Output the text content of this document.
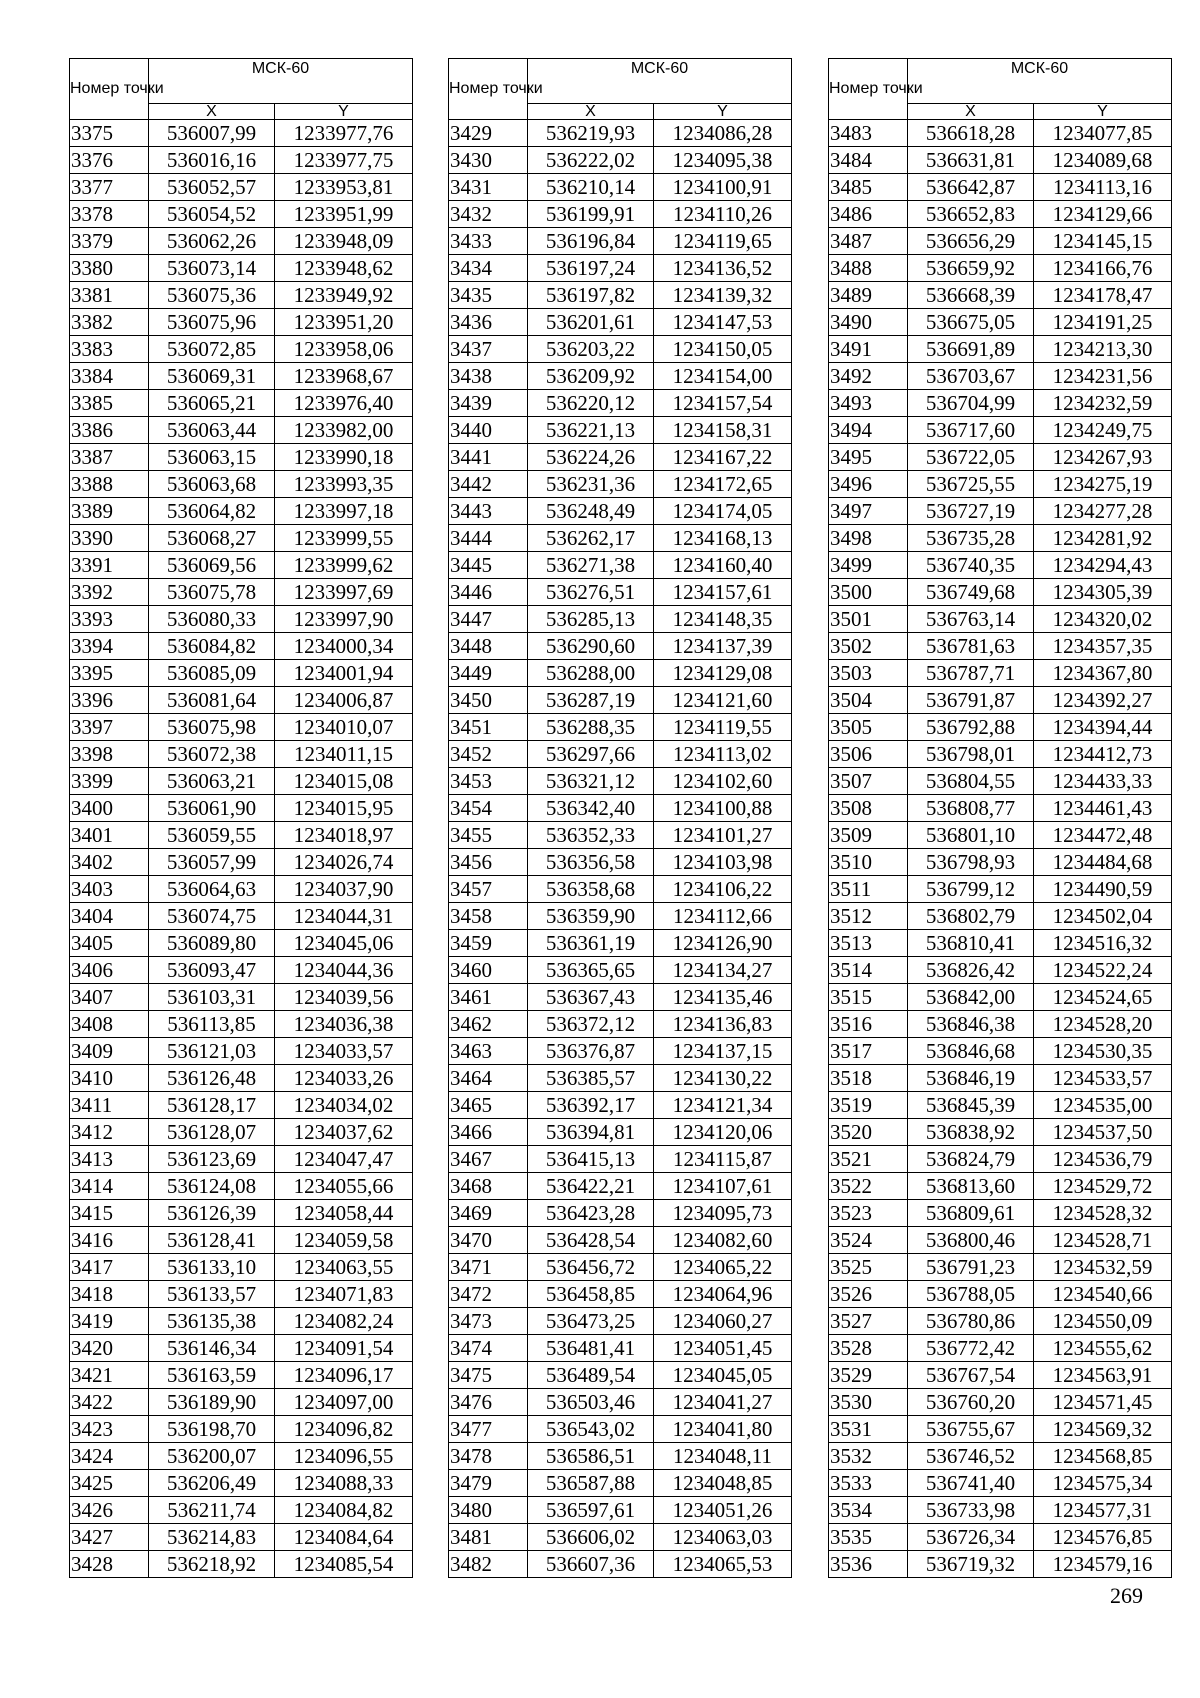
Номер точки	МСК-60	
	X	Y
3375	536007,99	1233977,76
3376	536016,16	1233977,75
3377	536052,57	1233953,81
3378	536054,52	1233951,99
3379	536062,26	1233948,09
3380	536073,14	1233948,62
3381	536075,36	1233949,92
3382	536075,96	1233951,20
3383	536072,85	1233958,06
3384	536069,31	1233968,67
3385	536065,21	1233976,40
3386	536063,44	1233982,00
3387	536063,15	1233990,18
3388	536063,68	1233993,35
3389	536064,82	1233997,18
3390	536068,27	1233999,55
3391	536069,56	1233999,62
3392	536075,78	1233997,69
3393	536080,33	1233997,90
3394	536084,82	1234000,34
3395	536085,09	1234001,94
3396	536081,64	1234006,87
3397	536075,98	1234010,07
3398	536072,38	1234011,15
3399	536063,21	1234015,08
3400	536061,90	1234015,95
3401	536059,55	1234018,97
3402	536057,99	1234026,74
3403	536064,63	1234037,90
3404	536074,75	1234044,31
3405	536089,80	1234045,06
3406	536093,47	1234044,36
3407	536103,31	1234039,56
3408	536113,85	1234036,38
3409	536121,03	1234033,57
3410	536126,48	1234033,26
3411	536128,17	1234034,02
3412	536128,07	1234037,62
3413	536123,69	1234047,47
3414	536124,08	1234055,66
3415	536126,39	1234058,44
3416	536128,41	1234059,58
3417	536133,10	1234063,55
3418	536133,57	1234071,83
3419	536135,38	1234082,24
3420	536146,34	1234091,54
3421	536163,59	1234096,17
3422	536189,90	1234097,00
3423	536198,70	1234096,82
3424	536200,07	1234096,55
3425	536206,49	1234088,33
3426	536211,74	1234084,82
3427	536214,83	1234084,64
3428	536218,92	1234085,54
Номер точки	МСК-60	
	X	Y
3429	536219,93	1234086,28
3430	536222,02	1234095,38
3431	536210,14	1234100,91
3432	536199,91	1234110,26
3433	536196,84	1234119,65
3434	536197,24	1234136,52
3435	536197,82	1234139,32
3436	536201,61	1234147,53
3437	536203,22	1234150,05
3438	536209,92	1234154,00
3439	536220,12	1234157,54
3440	536221,13	1234158,31
3441	536224,26	1234167,22
3442	536231,36	1234172,65
3443	536248,49	1234174,05
3444	536262,17	1234168,13
3445	536271,38	1234160,40
3446	536276,51	1234157,61
3447	536285,13	1234148,35
3448	536290,60	1234137,39
3449	536288,00	1234129,08
3450	536287,19	1234121,60
3451	536288,35	1234119,55
3452	536297,66	1234113,02
3453	536321,12	1234102,60
3454	536342,40	1234100,88
3455	536352,33	1234101,27
3456	536356,58	1234103,98
3457	536358,68	1234106,22
3458	536359,90	1234112,66
3459	536361,19	1234126,90
3460	536365,65	1234134,27
3461	536367,43	1234135,46
3462	536372,12	1234136,83
3463	536376,87	1234137,15
3464	536385,57	1234130,22
3465	536392,17	1234121,34
3466	536394,81	1234120,06
3467	536415,13	1234115,87
3468	536422,21	1234107,61
3469	536423,28	1234095,73
3470	536428,54	1234082,60
3471	536456,72	1234065,22
3472	536458,85	1234064,96
3473	536473,25	1234060,27
3474	536481,41	1234051,45
3475	536489,54	1234045,05
3476	536503,46	1234041,27
3477	536543,02	1234041,80
3478	536586,51	1234048,11
3479	536587,88	1234048,85
3480	536597,61	1234051,26
3481	536606,02	1234063,03
3482	536607,36	1234065,53
Номер точки	МСК-60	
	X	Y
3483	536618,28	1234077,85
3484	536631,81	1234089,68
3485	536642,87	1234113,16
3486	536652,83	1234129,66
3487	536656,29	1234145,15
3488	536659,92	1234166,76
3489	536668,39	1234178,47
3490	536675,05	1234191,25
3491	536691,89	1234213,30
3492	536703,67	1234231,56
3493	536704,99	1234232,59
3494	536717,60	1234249,75
3495	536722,05	1234267,93
3496	536725,55	1234275,19
3497	536727,19	1234277,28
3498	536735,28	1234281,92
3499	536740,35	1234294,43
3500	536749,68	1234305,39
3501	536763,14	1234320,02
3502	536781,63	1234357,35
3503	536787,71	1234367,80
3504	536791,87	1234392,27
3505	536792,88	1234394,44
3506	536798,01	1234412,73
3507	536804,55	1234433,33
3508	536808,77	1234461,43
3509	536801,10	1234472,48
3510	536798,93	1234484,68
3511	536799,12	1234490,59
3512	536802,79	1234502,04
3513	536810,41	1234516,32
3514	536826,42	1234522,24
3515	536842,00	1234524,65
3516	536846,38	1234528,20
3517	536846,68	1234530,35
3518	536846,19	1234533,57
3519	536845,39	1234535,00
3520	536838,92	1234537,50
3521	536824,79	1234536,79
3522	536813,60	1234529,72
3523	536809,61	1234528,32
3524	536800,46	1234528,71
3525	536791,23	1234532,59
3526	536788,05	1234540,66
3527	536780,86	1234550,09
3528	536772,42	1234555,62
3529	536767,54	1234563,91
3530	536760,20	1234571,45
3531	536755,67	1234569,32
3532	536746,52	1234568,85
3533	536741,40	1234575,34
3534	536733,98	1234577,31
3535	536726,34	1234576,85
3536	536719,32	1234579,16
269
